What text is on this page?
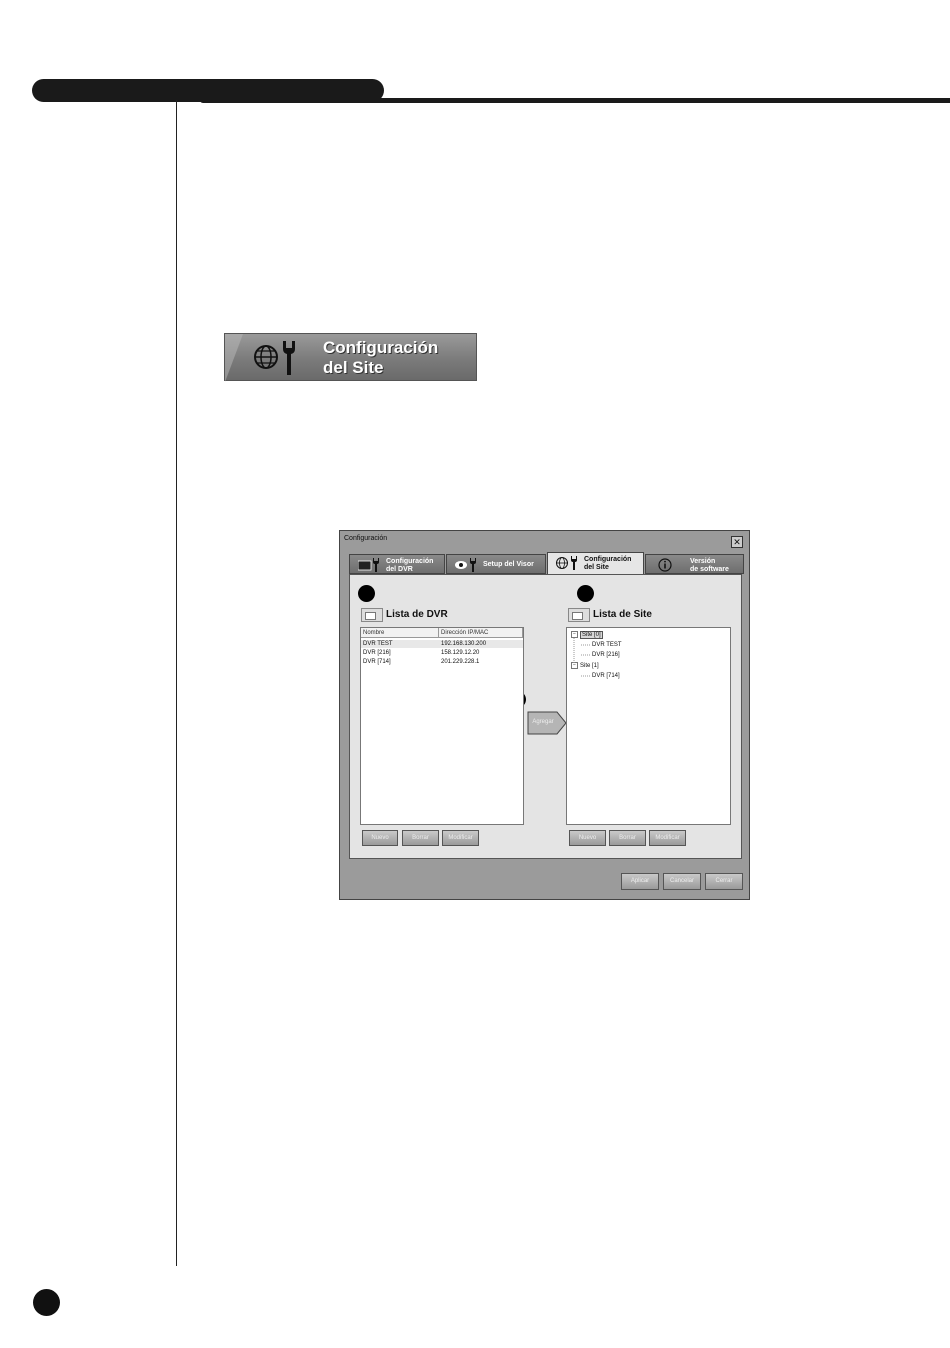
Configuración
del Site
Configuración	✕
Configuración
del DVR
Setup del Visor
Configuración
del Site
Versión
de software
Lista de DVR
Nombre	Dirección IP/MAC
DVR TEST	192.168.130.200
DVR [216]	158.129.12.20
DVR [714]	201.229.228.1
Nuevo	Borrar	Modificar
Agregar
Lista de Site
− Site [0]
DVR TEST
DVR [216]
− Site [1]
DVR [714]
Nuevo	Borrar	Modificar
Aplicar	Cancelar	Cerrar
